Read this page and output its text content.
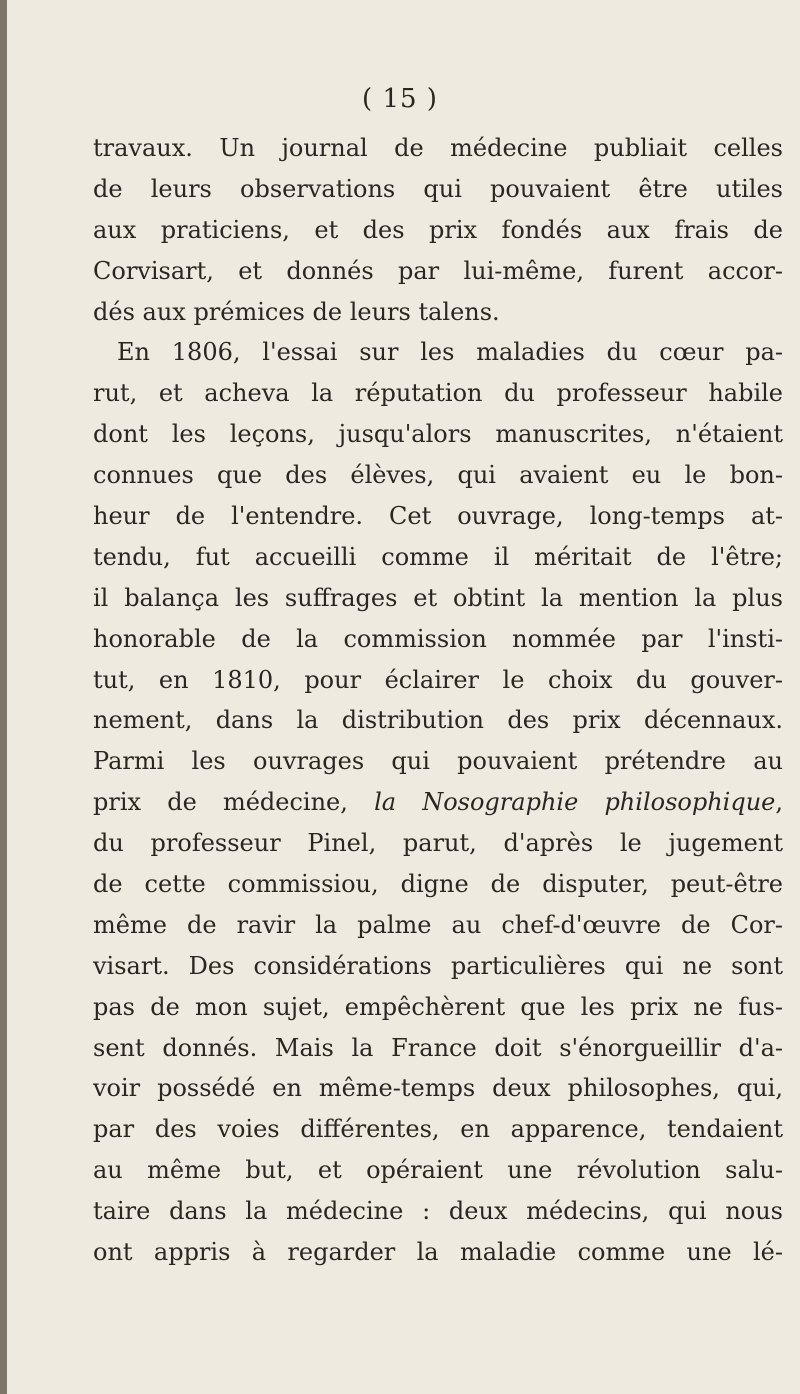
( 15 )
travaux. Un journal de médecine publiait celles
de leurs observations qui pouvaient être utiles
aux praticiens, et des prix fondés aux frais de
Corvisart, et donnés par lui-même, furent accor-
dés aux prémices de leurs talens.
En 1806, l'essai sur les maladies du cœur pa-
rut, et acheva la réputation du professeur habile
dont les leçons, jusqu'alors manuscrites, n'étaient
connues que des élèves, qui avaient eu le bon-
heur de l'entendre. Cet ouvrage, long-temps at-
tendu, fut accueilli comme il méritait de l'être;
il balança les suffrages et obtint la mention la plus
honorable de la commission nommée par l'insti-
tut, en 1810, pour éclairer le choix du gouver-
nement, dans la distribution des prix décennaux.
Parmi les ouvrages qui pouvaient prétendre au
prix de médecine, la Nosographie philosophique,
du professeur Pinel, parut, d'après le jugement
de cette commissiou, digne de disputer, peut-être
même de ravir la palme au chef-d'œuvre de Cor-
visart. Des considérations particulières qui ne sont
pas de mon sujet, empêchèrent que les prix ne fus-
sent donnés. Mais la France doit s'énorgueillir d'a-
voir possédé en même-temps deux philosophes, qui,
par des voies différentes, en apparence, tendaient
au même but, et opéraient une révolution salu-
taire dans la médecine : deux médecins, qui nous
ont appris à regarder la maladie comme une lé-
